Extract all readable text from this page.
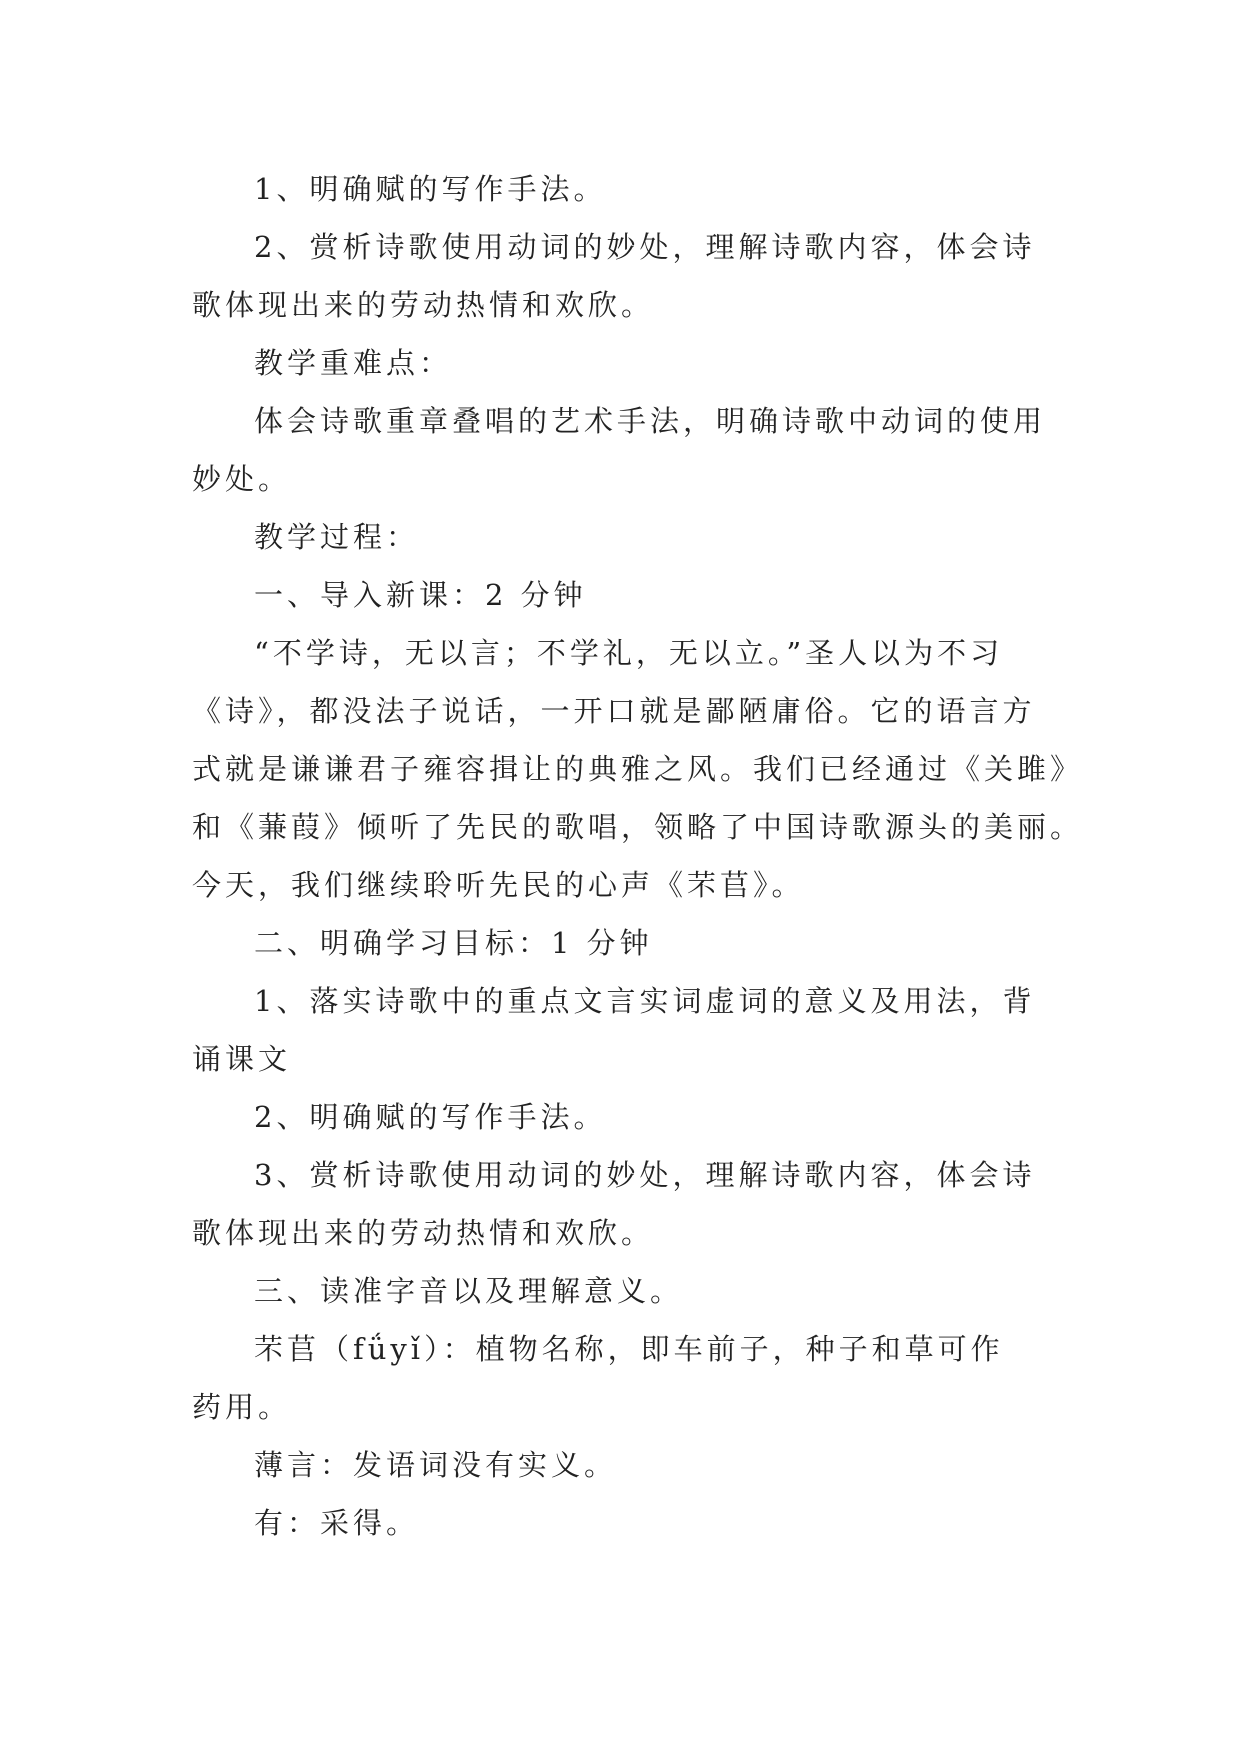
1、明确赋的写作手法。
2、赏析诗歌使用动词的妙处，理解诗歌内容，体会诗
歌体现出来的劳动热情和欢欣。
教学重难点：
体会诗歌重章叠唱的艺术手法，明确诗歌中动词的使用
妙处。
教学过程：
一、导入新课：2 分钟
“不学诗，无以言；不学礼，无以立。”圣人以为不习
《诗》，都没法子说话，一开口就是鄙陋庸俗。它的语言方
式就是谦谦君子雍容揖让的典雅之风。我们已经通过《关雎》
和《蒹葭》倾听了先民的歌唱，领略了中国诗歌源头的美丽。
今天，我们继续聆听先民的心声《芣苢》。
二、明确学习目标：1 分钟
1、落实诗歌中的重点文言实词虚词的意义及用法，背
诵课文
2、明确赋的写作手法。
3、赏析诗歌使用动词的妙处，理解诗歌内容，体会诗
歌体现出来的劳动热情和欢欣。
三、读准字音以及理解意义。
芣苢（fǘyǐ）：植物名称，即车前子，种子和草可作
药用。
薄言：发语词没有实义。
有：采得。
